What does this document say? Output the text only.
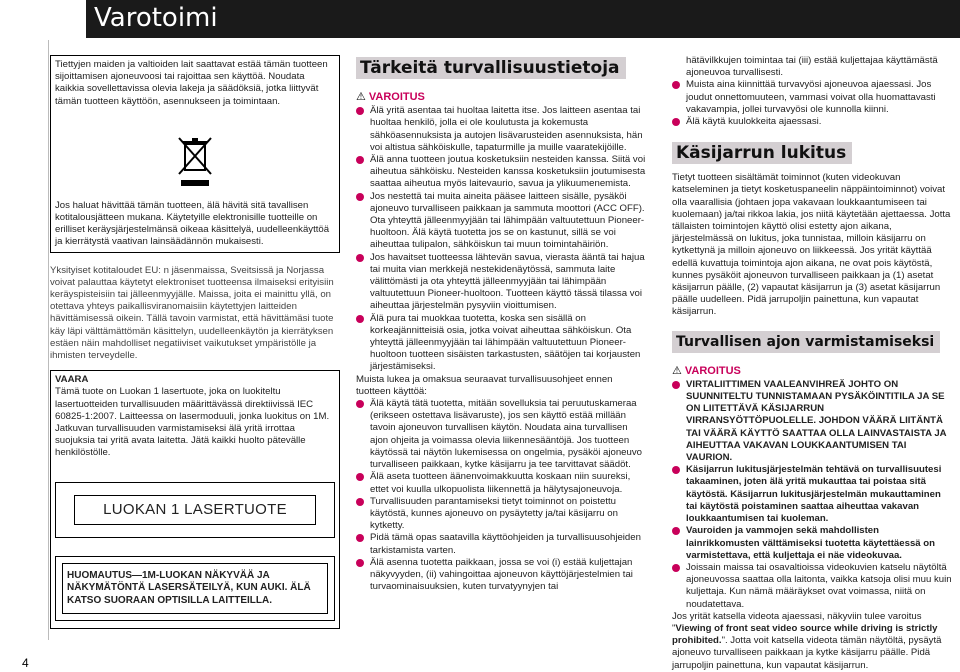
Varotoimi
4

Tiettyjen maiden ja valtioiden lait saattavat estää tämän tuotteen sijoittamisen ajoneuvoosi tai rajoittaa sen käyttöä. Noudata kaikkia sovellettavissa olevia lakeja ja säädöksiä, jotka liittyvät tämän tuotteen käyttöön, asennukseen ja toimintaan.

Jos haluat hävittää tämän tuotteen, älä hävitä sitä tavallisen kotitalousjätteen mukana. Käytetyille elektronisille tuotteille on erilliset keräysjärjestelmänsä oikeaa käsittelyä, uudelleenkäyttöä ja kierrätystä vaativan lainsäädännön mukaisesti.

Yksityiset kotitaloudet EU: n jäsenmaissa, Sveitsissä ja Norjassa voivat palauttaa käytetyt elektroniset tuotteensa ilmaiseksi erityisiin keräyspisteisiin tai jälleenmyyjälle. Maissa, joita ei mainittu yllä, on otettava yhteys paikallisviranomaisiin käytettyjen laitteiden hävittämisessä oikein. Tällä tavoin varmistat, että hävittämäsi tuote käy läpi välttämättömän käsittelyn, uudelleenkäytön ja kierrätyksen estäen näin mahdolliset negatiiviset vaikutukset ympäristölle ja ihmisten terveydelle.

VAARA

Tämä tuote on Luokan 1 lasertuote, joka on luokiteltu lasertuotteiden turvallisuuden määrittävässä direktiivissä IEC 60825-1:2007. Laitteessa on lasermoduuli, jonka luokitus on 1M. Jatkuvan turvallisuuden varmistamiseksi älä yritä irrottaa suojuksia tai yritä avata laitetta. Jätä kaikki huolto pätevälle henkilöstölle.

LUOKAN 1 LASERTUOTE
HUOMAUTUS—1M-LUOKAN NÄKYVÄÄ JA NÄKYMÄTÖNTÄ LASERSÄTEILYÄ, KUN AUKI. ÄLÄ KATSO SUORAAN OPTISILLA LAITTEILLA.
Tärkeitä turvallisuustietoja
⚠ VAROITUS
Älä yritä asentaa tai huoltaa laitetta itse. Jos laitteen asentaa tai huoltaa henkilö, jolla ei ole koulutusta ja kokemusta sähköasennuksista ja autojen lisävarusteiden asennuksista, hän voi altistua sähköiskulle, tapaturmille ja muille vaaratekijöille.
Älä anna tuotteen joutua kosketuksiin nesteiden kanssa. Siitä voi aiheutua sähköisku. Nesteiden kanssa kosketuksiin joutumisesta saattaa aiheutua myös laitevaurio, savua ja ylikuumenemista.
Jos nestettä tai muita aineita pääsee laitteen sisälle, pysäköi ajoneuvo turvalliseen paikkaan ja sammuta moottori (ACC OFF). Ota yhteyttä jälleenmyyjään tai lähimpään valtuutettuun Pioneer-huoltoon. Älä käytä tuotetta jos se on kastunut, sillä se voi aiheuttaa tulipalon, sähköiskun tai muun toimintahäiriön.
Jos havaitset tuotteessa lähtevän savua, vierasta ääntä tai hajua tai muita vian merkkejä nestekidenäytössä, sammuta laite välittömästi ja ota yhteyttä jälleenmyyjään tai lähimpään valtuutettuun Pioneer-huoltoon. Tuotteen käyttö tässä tilassa voi aiheuttaa järjestelmän pysyviin vioittumisen.
Älä pura tai muokkaa tuotetta, koska sen sisällä on korkeajännitteisiä osia, jotka voivat aiheuttaa sähköiskun. Ota yhteyttä jälleenmyyjään tai lähimpään valtuutettuun Pioneer-huoltoon tuotteen sisäisten tarkastusten, säätöjen tai korjausten järjestämiseksi.

Muista lukea ja omaksua seuraavat turvallisuusohjeet ennen tuotteen käyttöä:

Älä käytä tätä tuotetta, mitään sovelluksia tai peruutuskameraa (erikseen ostettava lisävaruste), jos sen käyttö estää millään tavoin ajoneuvon turvallisen käytön. Noudata aina turvallisen ajon ohjeita ja voimassa olevia liikennesääntöjä. Jos tuotteen käytössä tai näytön lukemisessa on ongelmia, pysäköi ajoneuvo turvalliseen paikkaan, kytke käsijarru ja tee tarvittavat säädöt.
Älä aseta tuotteen äänenvoimakkuutta koskaan niin suureksi, ettet voi kuulla ulkopuolista liikennettä ja hälytysajoneuvoja.
Turvallisuuden parantamiseksi tietyt toiminnot on poistettu käytöstä, kunnes ajoneuvo on pysäytetty ja/tai käsijarru on kytketty.
Pidä tämä opas saatavilla käyttöohjeiden ja turvallisuusohjeiden tarkistamista varten.
Älä asenna tuotetta paikkaan, jossa se voi (i) estää kuljettajan näkyvyyden, (ii) vahingoittaa ajoneuvon käyttöjärjestelmien tai turvaominaisuuksien, kuten turvatyynyjen tai

hätävilkkujen toimintaa tai (iii) estää kuljettajaa käyttämästä ajoneuvoa turvallisesti.

Muista aina kiinnittää turvavyösi ajoneuvoa ajaessasi. Jos joudut onnettomuuteen, vammasi voivat olla huomattavasti vakavampia, jollei turvavyösi ole kunnolla kiinni.
Älä käytä kuulokkeita ajaessasi.
Käsijarrun lukitus

Tietyt tuotteen sisältämät toiminnot (kuten videokuvan katseleminen ja tietyt kosketuspaneelin näppäintoiminnot) voivat olla vaarallisia (johtaen jopa vakavaan loukkaantumiseen tai kuolemaan) ja/tai rikkoa lakia, jos niitä käytetään ajettaessa. Jotta tällaisten toimintojen käyttö olisi estetty ajon aikana, järjestelmässä on lukitus, joka tunnistaa, milloin käsijarru on kytkettynä ja milloin ajoneuvo on liikkeessä. Jos yrität käyttää edellä kuvattuja toimintoja ajon aikana, ne ovat pois käytöstä, kunnes pysäköit ajoneuvon turvalliseen paikkaan ja (1) asetat käsijarrun päälle, (2) vapautat käsijarrun ja (3) asetat käsijarrun päälle uudelleen. Pidä jarrupoljin painettuna, kun vapautat käsijarrun.

Turvallisen ajon varmistamiseksi
⚠ VAROITUS
VIRTALIITTIMEN VAALEANVIHREÄ JOHTO ON SUUNNITELTU TUNNISTAMAAN PYSÄKÖINTITILA JA SE ON LIITETTÄVÄ KÄSIJARRUN VIRRANSYÖTTÖPUOLELLE. JOHDON VÄÄRÄ LIITÄNTÄ TAI VÄÄRÄ KÄYTTÖ SAATTAA OLLA LAINVASTAISTA JA AIHEUTTAA VAKAVAN LOUKKAANTUMISEN TAI VAURION.
Käsijarrun lukitusjärjestelmän tehtävä on turvallisuutesi takaaminen, joten älä yritä mukauttaa tai poistaa sitä käytöstä. Käsijarrun lukitusjärjestelmän mukauttaminen tai käytöstä poistaminen saattaa aiheuttaa vakavan loukkaantumisen tai kuoleman.
Vauroiden ja vammojen sekä mahdollisten lainrikkomusten välttämiseksi tuotetta käytettäessä on varmistettava, että kuljettaja ei näe videokuvaa.
Joissain maissa tai osavaltioissa videokuvien katselu näytöltä ajoneuvossa saattaa olla laitonta, vaikka katsoja olisi muu kuin kuljettaja. Kun nämä määräykset ovat voimassa, niitä on noudatettava.

Jos yrität katsella videota ajaessasi, näkyviin tulee varoitus "Viewing of front seat video source while driving is strictly prohibited.". Jotta voit katsella videota tämän näytöltä, pysäytä ajoneuvo turvalliseen paikkaan ja kytke käsijarru päälle. Pidä jarrupoljin painettuna, kun vapautat käsijarrun.
